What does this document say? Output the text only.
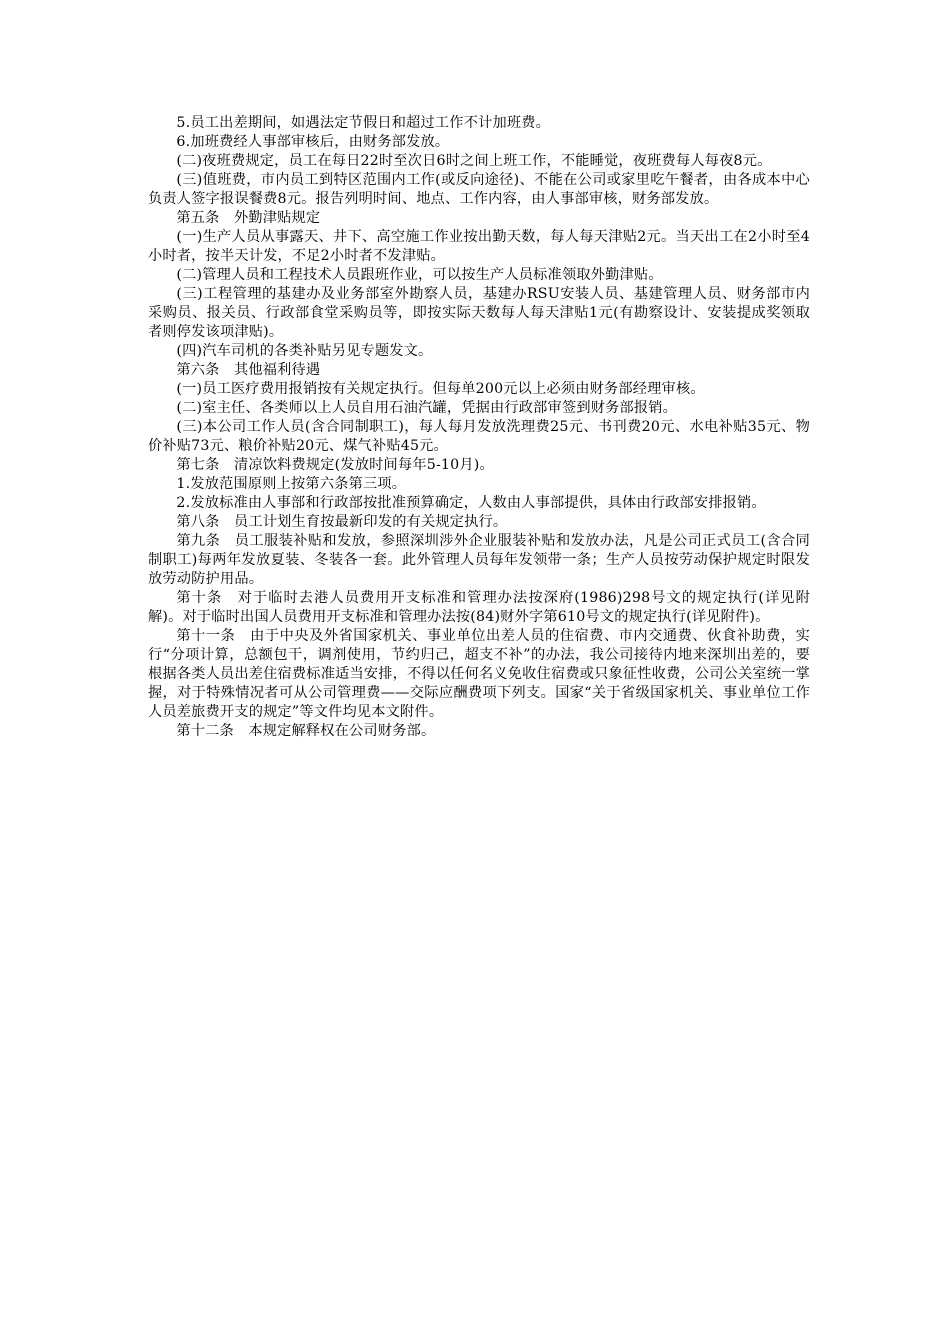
5.员工出差期间，如遇法定节假日和超过工作不计加班费。

6.加班费经人事部审核后，由财务部发放。

(二)夜班费规定，员工在每日22时至次日6时之间上班工作，不能睡觉，夜班费每人每夜8元。

(三)值班费，市内员工到特区范围内工作(或反向途径)、不能在公司或家里吃午餐者，由各成本中心负责人签字报误餐费8元。报告列明时间、地点、工作内容，由人事部审核，财务部发放。

第五条　外勤津贴规定

(一)生产人员从事露天、井下、高空施工作业按出勤天数，每人每天津贴2元。当天出工在2小时至4小时者，按半天计发，不足2小时者不发津贴。

(二)管理人员和工程技术人员跟班作业，可以按生产人员标准领取外勤津贴。

(三)工程管理的基建办及业务部室外勘察人员，基建办RSU安装人员、基建管理人员、财务部市内采购员、报关员、行政部食堂采购员等，即按实际天数每人每天津贴1元(有勘察设计、安装提成奖领取者则停发该项津贴)。

(四)汽车司机的各类补贴另见专题发文。

第六条　其他福利待遇

(一)员工医疗费用报销按有关规定执行。但每单200元以上必须由财务部经理审核。

(二)室主任、各类师以上人员自用石油汽罐，凭据由行政部审签到财务部报销。

(三)本公司工作人员(含合同制职工)，每人每月发放洗理费25元、书刊费20元、水电补贴35元、物价补贴73元、粮价补贴20元、煤气补贴45元。

第七条　清凉饮料费规定(发放时间每年5-10月)。

1.发放范围原则上按第六条第三项。

2.发放标准由人事部和行政部按批准预算确定，人数由人事部提供，具体由行政部安排报销。

第八条　员工计划生育按最新印发的有关规定执行。

第九条　员工服装补贴和发放，参照深圳涉外企业服装补贴和发放办法，凡是公司正式员工(含合同制职工)每两年发放夏装、冬装各一套。此外管理人员每年发领带一条；生产人员按劳动保护规定时限发放劳动防护用品。

第十条　对于临时去港人员费用开支标准和管理办法按深府(1986)298号文的规定执行(详见附解)。对于临时出国人员费用开支标准和管理办法按(84)财外字第610号文的规定执行(详见附件)。

第十一条　由于中央及外省国家机关、事业单位出差人员的住宿费、市内交通费、伙食补助费，实行“分项计算，总额包干，调剂使用，节约归己，超支不补”的办法，我公司接待内地来深圳出差的，要根据各类人员出差住宿费标准适当安排，不得以任何名义免收住宿费或只象征性收费，公司公关室统一掌握，对于特殊情况者可从公司管理费——交际应酬费项下列支。国家“关于省级国家机关、事业单位工作人员差旅费开支的规定”等文件均见本文附件。

第十二条　本规定解释权在公司财务部。
